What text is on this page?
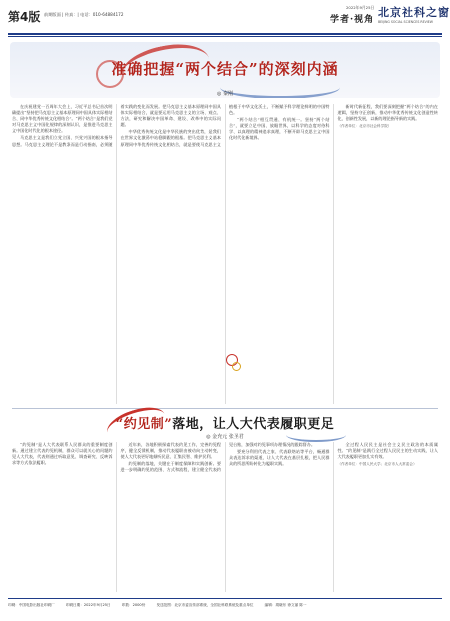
第4版 前期版面 | 传真：| 电话：010-64884172
2022年9月25日
学者·视角
北京社科之窗
BEIJING SOCIAL SCIENCES REVIEW
准确把握“两个结合”的深刻内涵
◎ 秦刚

在庆祝建党一百周年大会上，习近平总书记首次明确提出“坚持把马克思主义基本原理同中国具体实际相结合、同中华优秀传统文化相结合”。“两个结合”是我们党对马克思主义中国化规律的深刻认识，是推进马克思主义中国化时代化的根本途径。

马克思主义是我们立党立国、兴党兴国的根本指导思想。马克思主义理论不是教条而是行动指南，必须随着实践的变化而发展。把马克思主义基本原理同中国具体实际相结合，就是要运用马克思主义的立场、观点、方法，研究和解决中国革命、建设、改革中的实际问题。

中华优秀传统文化是中华民族的突出优势，是我们在世界文化激荡中站稳脚跟的根基。把马克思主义基本原理同中华优秀传统文化相结合，就是要使马克思主义植根于中华文化沃土，不断赋予科学理论鲜明的中国特色。

“两个结合”相互贯通、有机统一。坚持“两个结合”，就要立足中国、放眼世界，以科学的态度对待科学、以真理的精神追求真理，不断开辟马克思主义中国化时代化新境界。

新时代新征程，我们要深刻把握“两个结合”的内在逻辑，坚持守正创新，推动中华优秀传统文化创造性转化、创新性发展，以新的理论指导新的实践。

（作者单位：北京市社会科学院）

“约见制”落地，让人大代表履职更足
◎ 金充元 张圣君

“约见制”是人大代表联系人民群众的重要制度创新。通过建立代表约见机制，群众可以就关心的问题约见人大代表，代表则通过听取意见、调查研究、反映诉求等方式依法履职。

近年来，各地积极探索代表约见工作，完善约见程序，健全反馈机制，推动代表履职由被动向主动转变，使人大代表更好地倾听民意、汇集民智、维护民利。

约见制的落地，关键在于制度保障和实践创新。要进一步明确约见的范围、方式和流程，建立健全代表约见台账，加强对约见事项办理情况的跟踪督办。

要充分利用代表之家、代表联络站等平台，畅通群众表达诉求的渠道，让人大代表在基层扎根，把人民群众的所思所盼转化为履职实践。

全过程人民民主是社会主义民主政治的本质属性。“约见制”是践行全过程人民民主的生动实践，让人大代表履职更加扎实有效。

（作者单位：中国人民大学；北京市人大常委会）

印刷：中国电影出版社印刷厂	印刷日期：2022年9月25日	印数：2000份	发送范围：北京市委宣传部系统，全国社科联系统及重点单位	编辑：胡晓东 徐文丽 陈一
